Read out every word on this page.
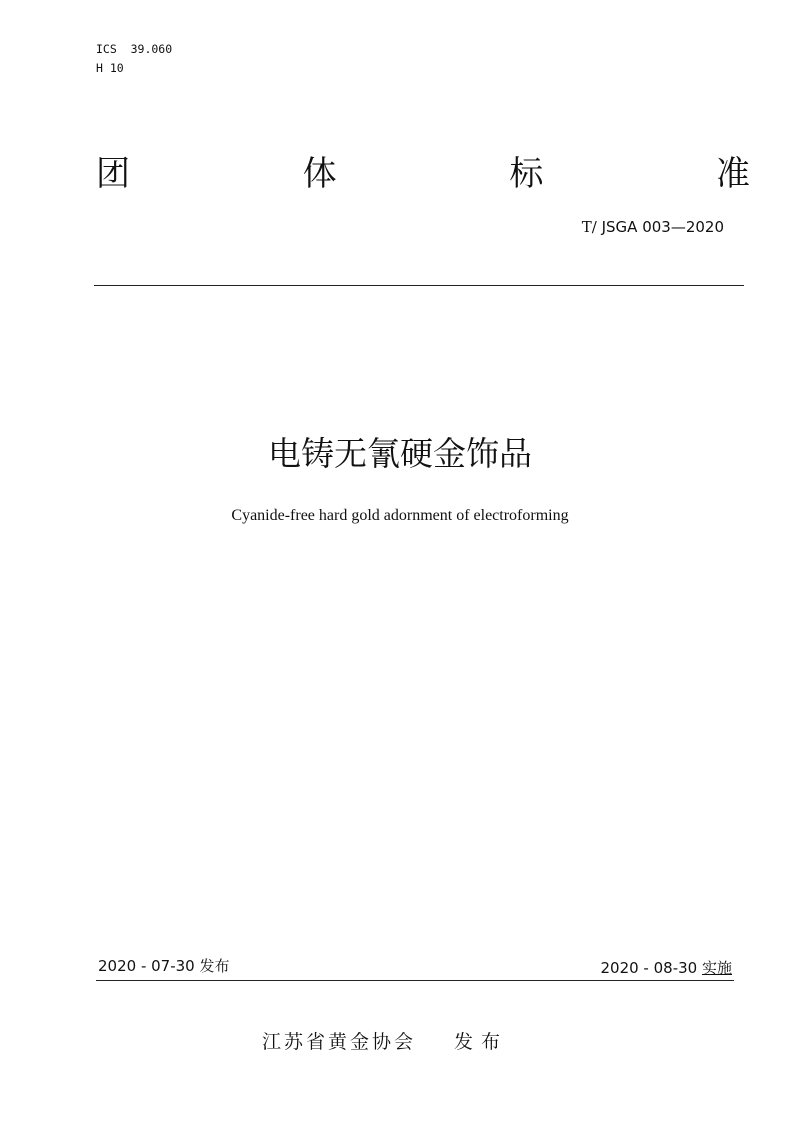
ICS  39.060
H 10
团	体	标	准
T/ JSGA 003—2020
电铸无氰硬金饰品
Cyanide-free hard gold adornment of electroforming
2020 - 07-30 发布	2020 - 08-30 实施
江苏省黄金协会 发布
